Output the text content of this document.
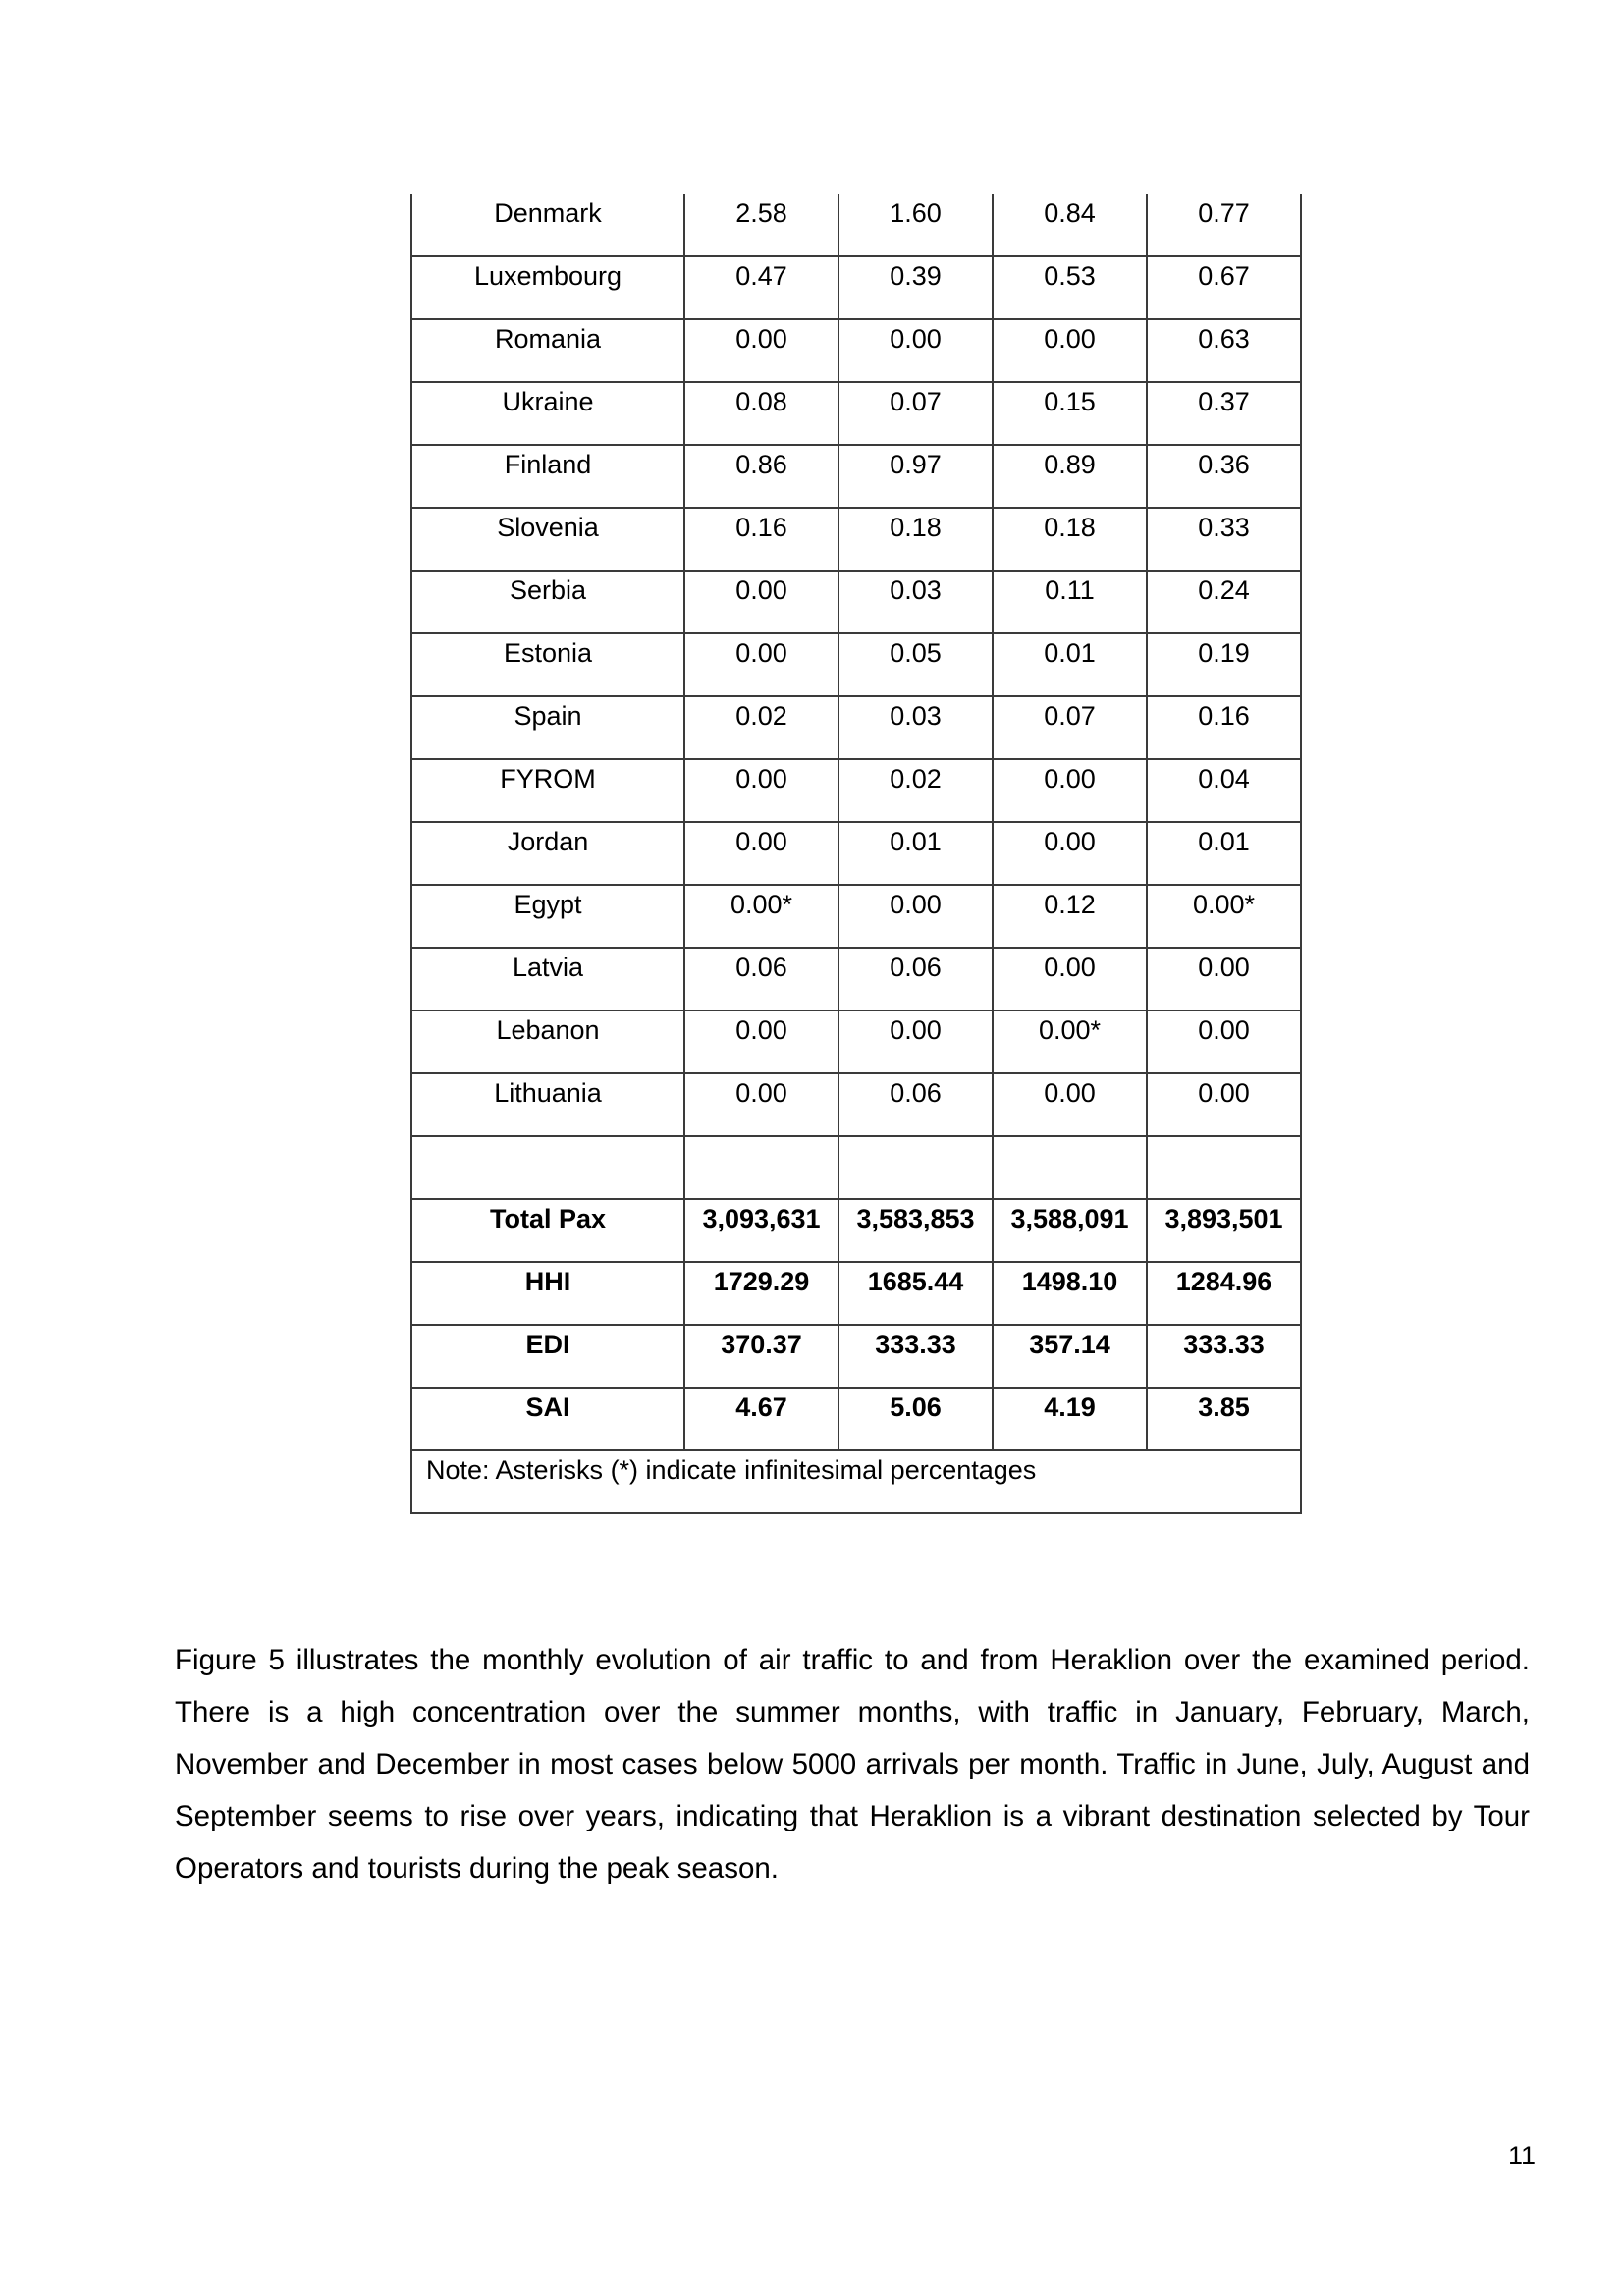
Denmark	2.58	1.60	0.84	0.77

Luxembourg	0.47	0.39	0.53	0.67

Romania	0.00	0.00	0.00	0.63

Ukraine	0.08	0.07	0.15	0.37

Finland	0.86	0.97	0.89	0.36

Slovenia	0.16	0.18	0.18	0.33

Serbia	0.00	0.03	0.11	0.24

Estonia	0.00	0.05	0.01	0.19

Spain	0.02	0.03	0.07	0.16

FYROM	0.00	0.02	0.00	0.04

Jordan	0.00	0.01	0.00	0.01

Egypt	0.00*	0.00	0.12	0.00*

Latvia	0.06	0.06	0.00	0.00

Lebanon	0.00	0.00	0.00*	0.00

Lithuania	0.00	0.06	0.00	0.00

Total Pax	3,093,631	3,583,853	3,588,091	3,893,501

HHI	1729.29	1685.44	1498.10	1284.96

EDI	370.37	333.33	357.14	333.33

SAI	4.67	5.06	4.19	3.85

Note: Asterisks (*) indicate infinitesimal percentages				

Figure 5 illustrates the monthly evolution of air traffic to and from Heraklion over the examined period. There is a high concentration over the summer months, with traffic in January, February, March, November and December in most cases below 5000 arrivals per month. Traffic in June, July, August and September seems to rise over years, indicating that Heraklion is a vibrant destination selected by Tour Operators and tourists during the peak season.

11
